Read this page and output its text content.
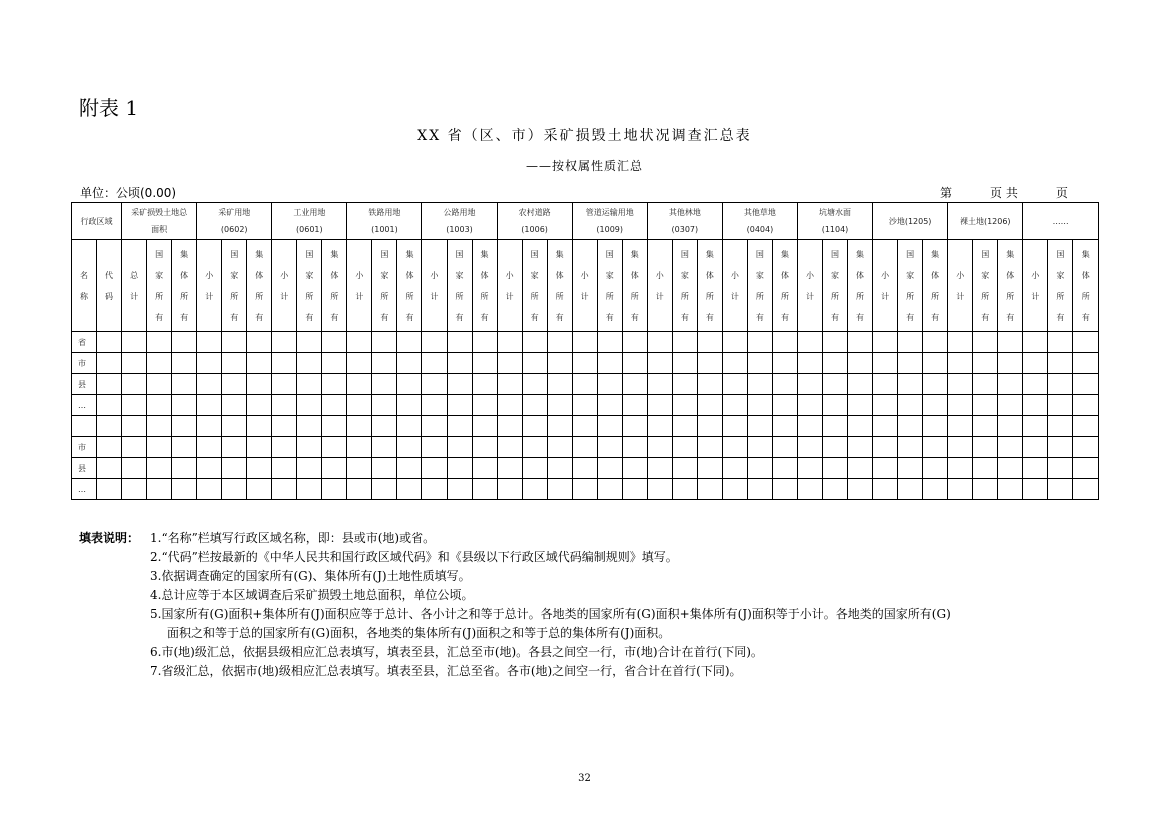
附表 1
XX 省（区、市）采矿损毁土地状况调查汇总表
——按权属性质汇总
单位：公顷(0.00)	第	页 共	页
行政区域		采矿损毁土地总面积			采矿用地(0602)			工业用地(0601)			铁路用地(1001)			公路用地(1003)			农村道路(1006)			管道运输用地(1009)			其他林地(0307)			其他草地(0404)			坑塘水面(1104)			沙地(1205)			裸土地(1206)			……		
名称	代码	总计	国家所有	集体所有	小计	国家所有	集体所有	小计	国家所有	集体所有	小计	国家所有	集体所有	小计	国家所有	集体所有	小计	国家所有	集体所有	小计	国家所有	集体所有	小计	国家所有	集体所有	小计	国家所有	集体所有	小计	国家所有	集体所有	小计	国家所有	集体所有	小计	国家所有	集体所有	小计	国家所有	集体所有
省																																								
市																																								
县																																								
…																																								

市																																								
县																																								
…																																								
填表说明： 1.“名称”栏填写行政区域名称，即：县或市(地)或省。
2.“代码”栏按最新的《中华人民共和国行政区域代码》和《县级以下行政区域代码编制规则》填写。
3.依据调查确定的国家所有(G)、集体所有(J)土地性质填写。
4.总计应等于本区域调查后采矿损毁土地总面积，单位公顷。
5.国家所有(G)面积+集体所有(J)面积应等于总计、各小计之和等于总计。各地类的国家所有(G)面积+集体所有(J)面积等于小计。各地类的国家所有(G)
面积之和等于总的国家所有(G)面积，各地类的集体所有(J)面积之和等于总的集体所有(J)面积。
6.市(地)级汇总，依据县级相应汇总表填写，填表至县，汇总至市(地)。各县之间空一行，市(地)合计在首行(下同)。
7.省级汇总，依据市(地)级相应汇总表填写。填表至县，汇总至省。各市(地)之间空一行，省合计在首行(下同)。
32
